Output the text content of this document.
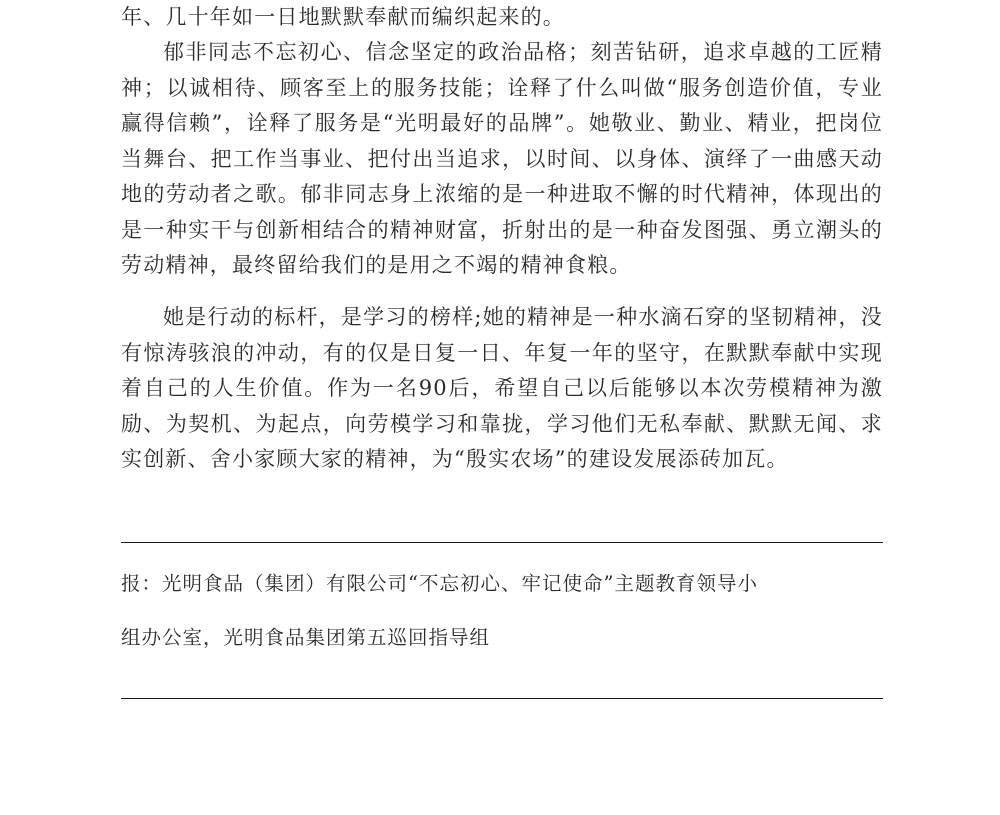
年、几十年如一日地默默奉献而编织起来的。

郁非同志不忘初心、信念坚定的政治品格；刻苦钻研，追求卓越的工匠精神；以诚相待、顾客至上的服务技能；诠释了什么叫做“服务创造价值，专业赢得信赖”，诠释了服务是“光明最好的品牌”。她敬业、勤业、精业，把岗位当舞台、把工作当事业、把付出当追求，以时间、以身体、演绎了一曲感天动地的劳动者之歌。郁非同志身上浓缩的是一种进取不懈的时代精神，体现出的是一种实干与创新相结合的精神财富，折射出的是一种奋发图强、勇立潮头的劳动精神，最终留给我们的是用之不竭的精神食粮。

她是行动的标杆，是学习的榜样;她的精神是一种水滴石穿的坚韧精神，没有惊涛骇浪的冲动，有的仅是日复一日、年复一年的坚守，在默默奉献中实现着自己的人生价值。作为一名90后，希望自己以后能够以本次劳模精神为激励、为契机、为起点，向劳模学习和靠拢，学习他们无私奉献、默默无闻、求实创新、舍小家顾大家的精神，为“殷实农场”的建设发展添砖加瓦。

报：光明食品（集团）有限公司“不忘初心、牢记使命”主题教育领导小
组办公室，光明食品集团第五巡回指导组
